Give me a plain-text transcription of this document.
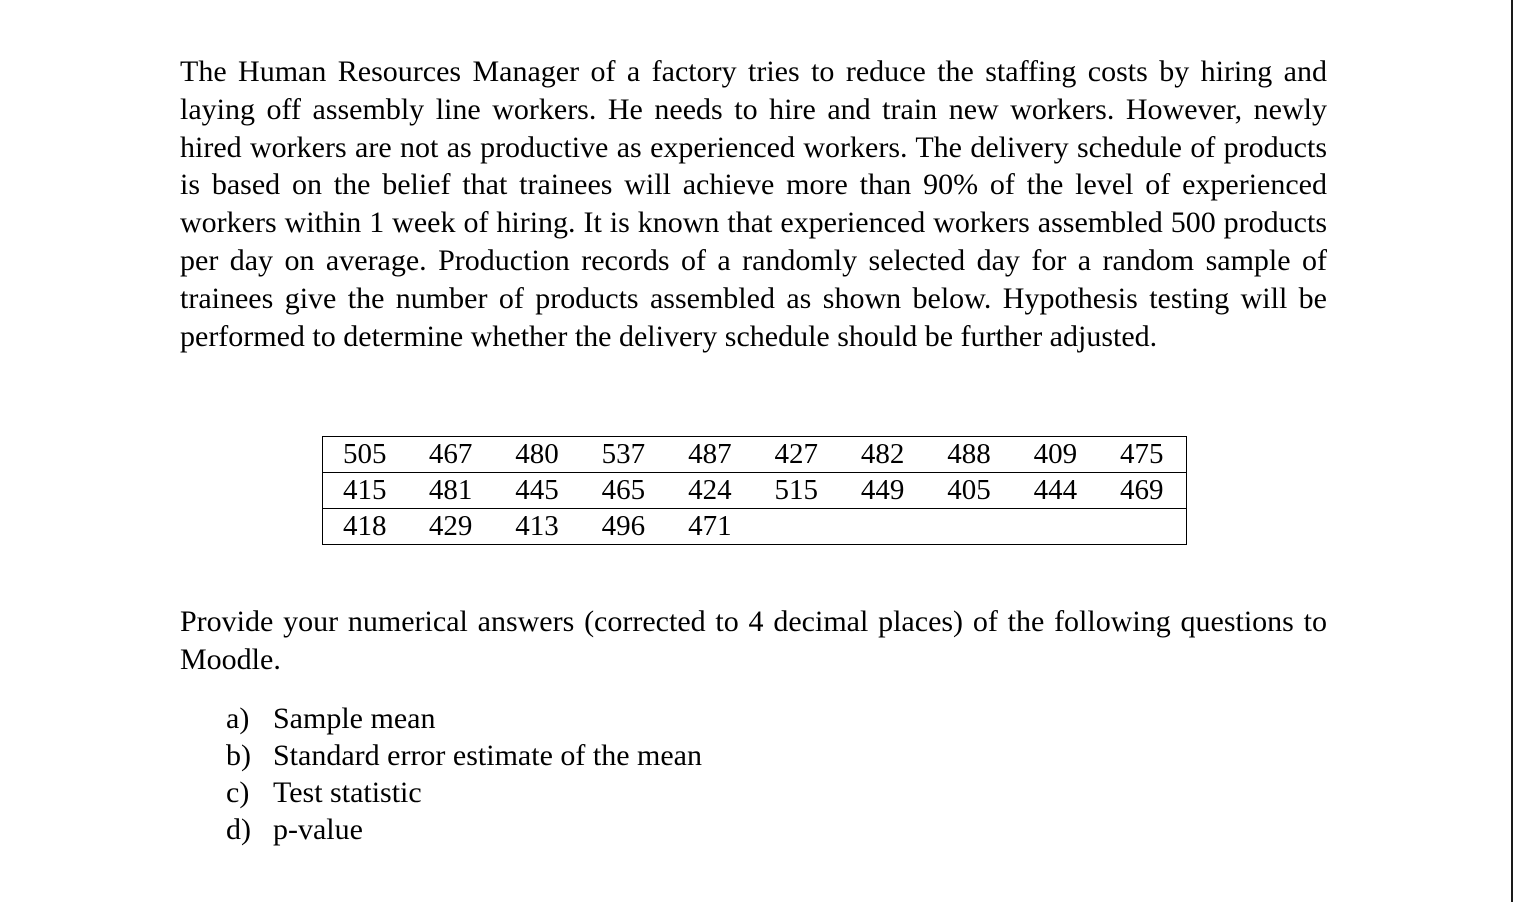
The Human Resources Manager of a factory tries to reduce the staffing costs by hiring and laying off assembly line workers. He needs to hire and train new workers. However, newly hired workers are not as productive as experienced workers. The delivery schedule of products is based on the belief that trainees will achieve more than 90% of the level of experienced workers within 1 week of hiring. It is known that experienced workers assembled 500 products per day on average. Production records of a randomly selected day for a random sample of trainees give the number of products assembled as shown below. Hypothesis testing will be performed to determine whether the delivery schedule should be further adjusted.

505	467	480	537	487	427	482	488	409	475
415	481	445	465	424	515	449	405	444	469
418	429	413	496	471					

Provide your numerical answers (corrected to 4 decimal places) of the following questions to Moodle.

a) Sample mean
b) Standard error estimate of the mean
c) Test statistic
d) p-value
